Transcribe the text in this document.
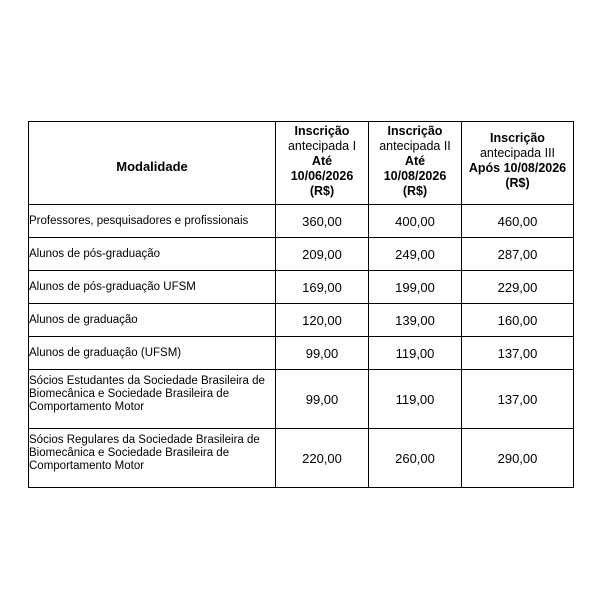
Modalidade	Inscrição
antecipada I
Até
10/06/2026
(R$)	Inscrição
antecipada II
Até
10/08/2026
(R$)	Inscrição
antecipada III
Após 10/08/2026
(R$)

Professores, pesquisadores e profissionais	360,00	400,00	460,00
Alunos de pós-graduação	209,00	249,00	287,00
Alunos de pós-graduação UFSM	169,00	199,00	229,00
Alunos de graduação	120,00	139,00	160,00
Alunos de graduação (UFSM)	99,00	119,00	137,00
Sócios Estudantes da Sociedade Brasileira de Biomecânica e Sociedade Brasileira de Comportamento Motor	99,00	119,00	137,00
Sócios Regulares da Sociedade Brasileira de Biomecânica e Sociedade Brasileira de Comportamento Motor	220,00	260,00	290,00
